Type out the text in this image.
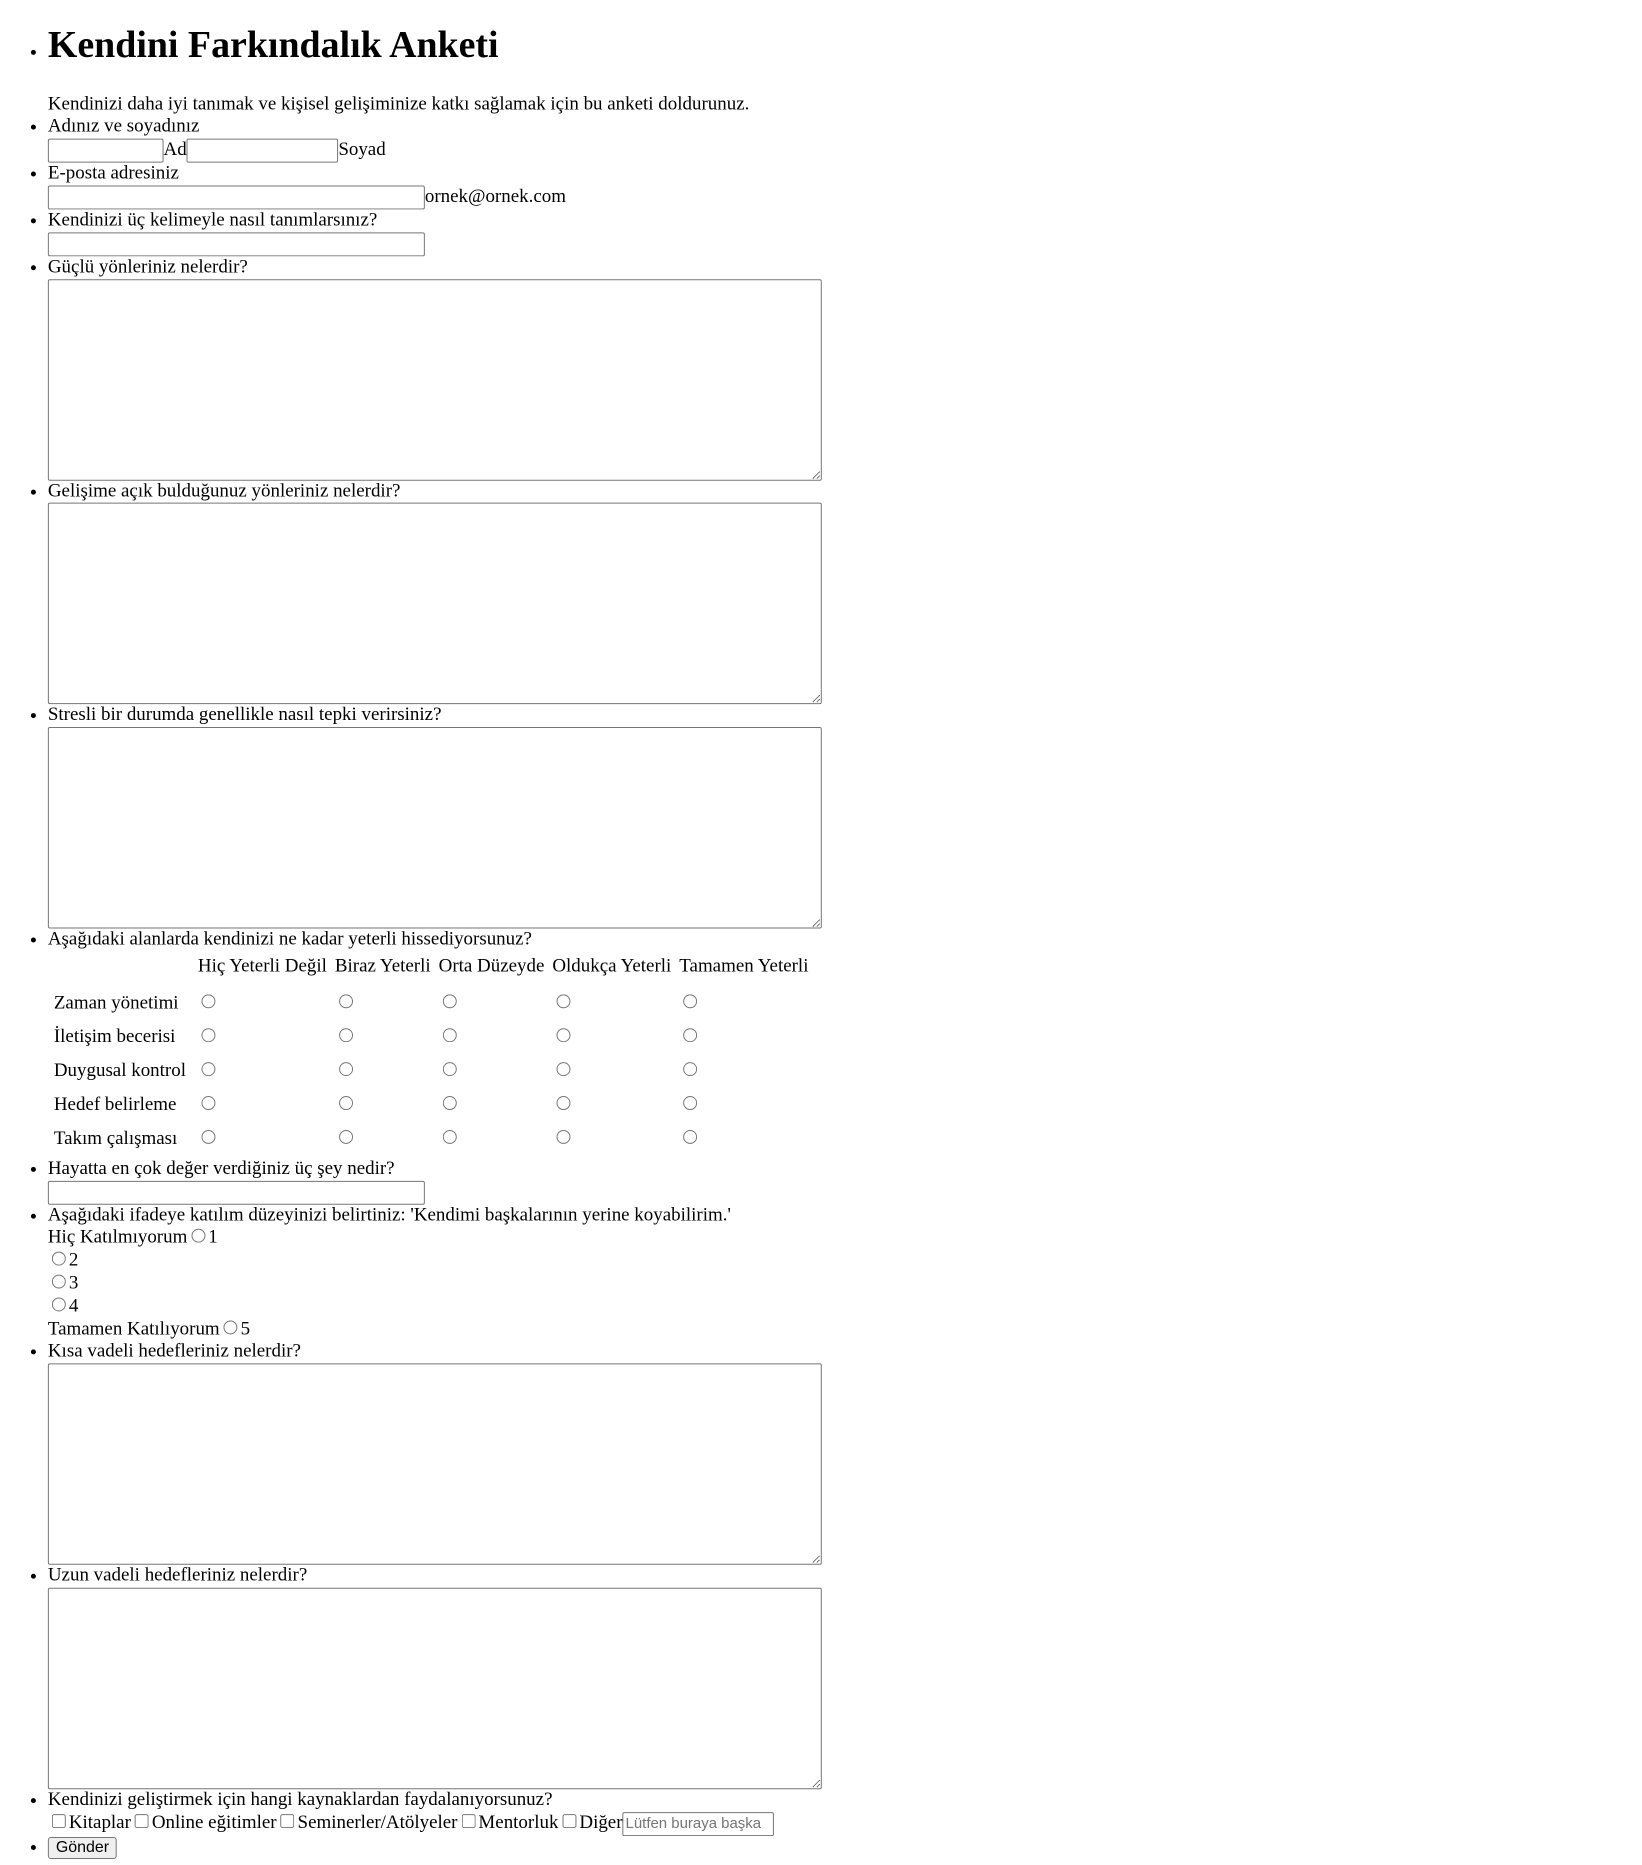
• Kendini Farkındalık Anketi

Kendinizi daha iyi tanımak ve kişisel gelişiminize katkı sağlamak için bu anketi doldurunuz.

• Adınız ve soyadınız
Ad	Soyad
• E-posta adresiniz
ornek@ornek.com
• Kendinizi üç kelimeyle nasıl tanımlarsınız?
• Güçlü yönleriniz nelerdir?
• Gelişime açık bulduğunuz yönleriniz nelerdir?
• Stresli bir durumda genellikle nasıl tepki verirsiniz?
• Aşağıdaki alanlarda kendinizi ne kadar yeterli hissediyorsunuz?
	Hiç Yeterli Değil	Biraz Yeterli	Orta Düzeyde	Oldukça Yeterli	Tamamen Yeterli
Zaman yönetimi					
İletişim becerisi					
Duygusal kontrol					
Hedef belirleme					
Takım çalışması					
• Hayatta en çok değer verdiğiniz üç şey nedir?
• Aşağıdaki ifadeye katılım düzeyinizi belirtiniz: 'Kendimi başkalarının yerine koyabilirim.'
Hiç Katılmıyorum 1
2
3
4
Tamamen Katılıyorum 5
• Kısa vadeli hedefleriniz nelerdir?
• Uzun vadeli hedefleriniz nelerdir?
• Kendinizi geliştirmek için hangi kaynaklardan faydalanıyorsunuz?
Kitaplar Online eğitimler Seminerler/Atölyeler Mentorluk DiğerLütfen buraya başka
• Gönder
